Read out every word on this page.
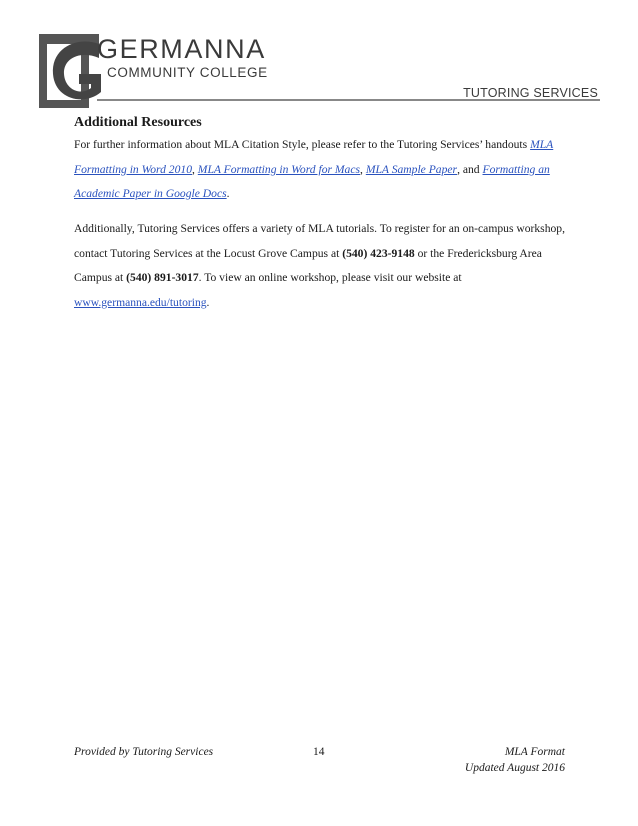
GERMANNA
COMMUNITY COLLEGE
TUTORING SERVICES
Additional Resources
For further information about MLA Citation Style, please refer to the Tutoring Services’ handouts MLA Formatting in Word 2010, MLA Formatting in Word for Macs, MLA Sample Paper, and Formatting an Academic Paper in Google Docs.
Additionally, Tutoring Services offers a variety of MLA tutorials. To register for an on-campus workshop, contact Tutoring Services at the Locust Grove Campus at (540) 423-9148 or the Fredericksburg Area Campus at (540) 891-3017. To view an online workshop, please visit our website at www.germanna.edu/tutoring.
Provided by Tutoring Services	14	MLA Format
Updated August 2016
